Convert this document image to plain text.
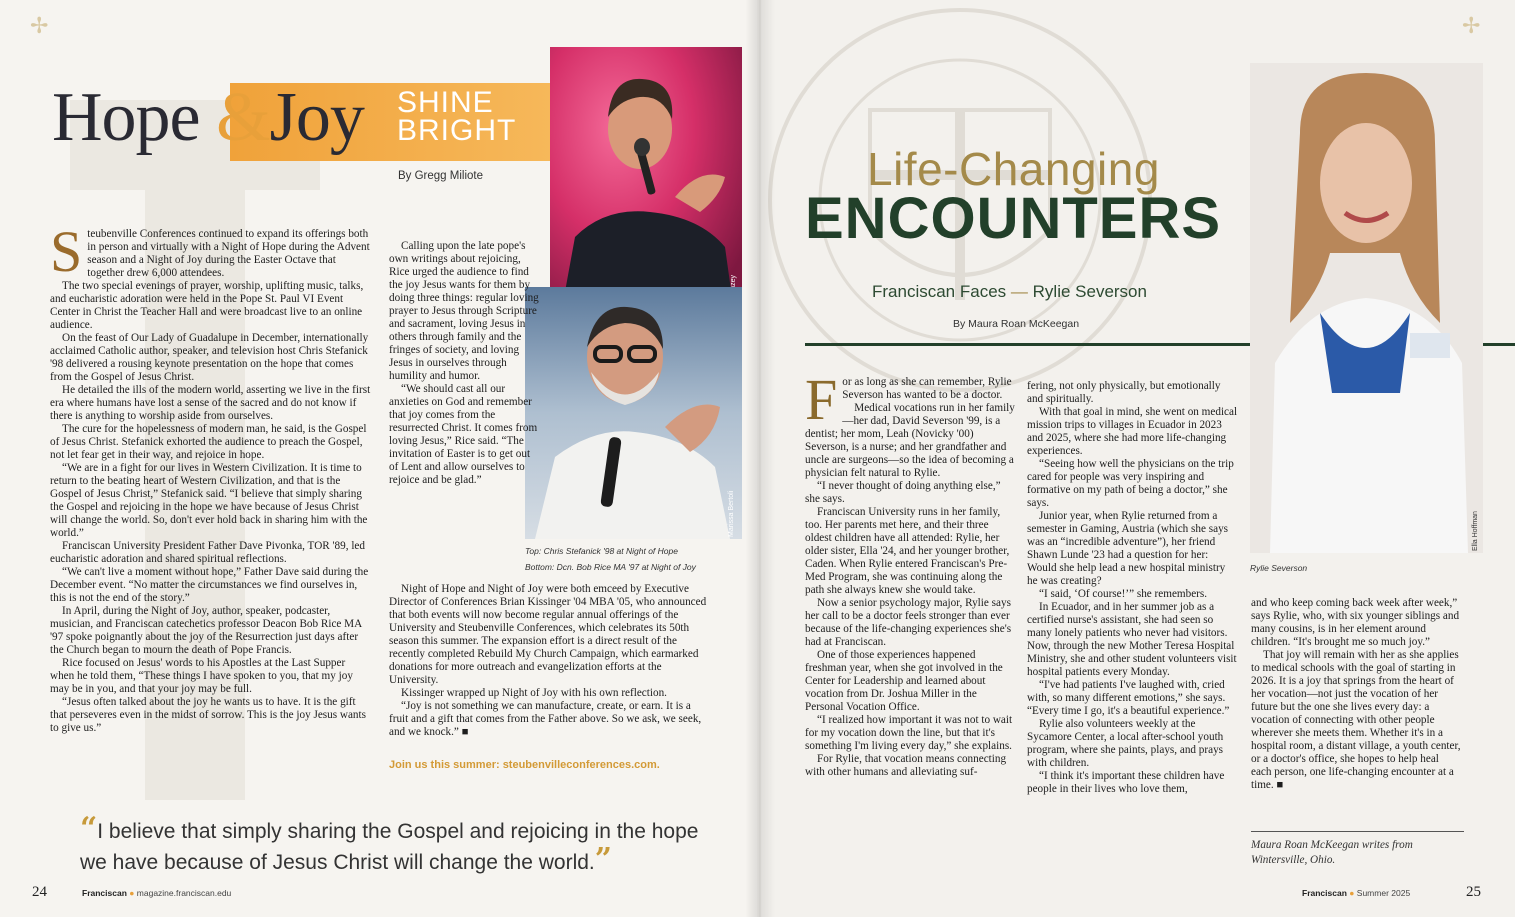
✢
Hope &Joy SHINE
BRIGHT
By Gregg Miliote
Marissa Bertoli
Top: Chris Stefanick '98 at Night of Hope
Bottom: Dcn. Bob Rice MA '97 at Night of Joy

Steubenville Conferences continued to expand its offerings both in person and virtually with a Night of Hope during the Advent season and a Night of Joy during the Easter Octave that together drew 6,000 attendees.

The two special evenings of prayer, worship, uplifting music, talks, and eucharistic adoration were held in the Pope St. Paul VI Event Center in Christ the Teacher Hall and were broadcast live to an online audience.

On the feast of Our Lady of Guadalupe in December, internationally acclaimed Catholic author, speaker, and television host Chris Stefanick '98 delivered a rousing keynote presentation on the hope that comes from the Gospel of Jesus Christ.

He detailed the ills of the modern world, asserting we live in the first era where humans have lost a sense of the sacred and do not know if there is anything to worship aside from ourselves.

The cure for the hopelessness of modern man, he said, is the Gospel of Jesus Christ. Stefanick exhorted the audience to preach the Gospel, not let fear get in their way, and rejoice in hope.

“We are in a fight for our lives in Western Civilization. It is time to return to the beating heart of Western Civilization, and that is the Gospel of Jesus Christ,” Stefanick said. “I believe that simply sharing the Gospel and rejoicing in the hope we have because of Jesus Christ will change the world. So, don't ever hold back in sharing him with the world.”

Franciscan University President Father Dave Pivonka, TOR '89, led eucharistic adoration and shared spiritual reflections.

“We can't live a moment without hope,” Father Dave said during the December event. “No matter the circumstances we find ourselves in, this is not the end of the story.”

In April, during the Night of Joy, author, speaker, podcaster, musician, and Franciscan catechetics professor Deacon Bob Rice MA '97 spoke poignantly about the joy of the Resurrection just days after the Church began to mourn the death of Pope Francis.

Rice focused on Jesus' words to his Apostles at the Last Supper when he told them, “These things I have spoken to you, that my joy may be in you, and that your joy may be full.

“Jesus often talked about the joy he wants us to have. It is the gift that perseveres even in the midst of sorrow. This is the joy Jesus wants to give us.”

Calling upon the late pope's own writings about rejoicing, Rice urged the audience to find the joy Jesus wants for them by doing three things: regular loving prayer to Jesus through Scripture and sacrament, loving Jesus in others through family and the fringes of society, and loving Jesus in ourselves through humility and humor.

“We should cast all our anxieties on God and remember that joy comes from the resurrected Christ. It comes from loving Jesus,” Rice said. “The invitation of Easter is to get out of Lent and allow ourselves to rejoice and be glad.”

Night of Hope and Night of Joy were both emceed by Executive Director of Conferences Brian Kissinger '04 MBA '05, who announced that both events will now become regular annual offerings of the University and Steubenville Conferences, which celebrates its 50th season this summer. The expansion effort is a direct result of the recently completed Rebuild My Church Campaign, which earmarked donations for more outreach and evangelization efforts at the University.

Kissinger wrapped up Night of Joy with his own reflection.

“Joy is not something we can manufacture, create, or earn. It is a fruit and a gift that comes from the Father above. So we ask, we seek, and we knock.” ■

Join us this summer: steubenvilleconferences.com.
“I believe that simply sharing the Gospel and rejoicing in the hope we have because of Jesus Christ will change the world.”
24	Franciscan ● magazine.franciscan.edu
✢
Life-Changing
ENCOUNTERS
Franciscan Faces — Rylie Severson
By Maura Roan McKeegan
Ella Hoffman
Rylie Severson

For as long as she can remember, Rylie Severson has wanted to be a doctor.

Medical vocations run in her family—her dad, David Severson '99, is a dentist; her mom, Leah (Novicky '00) Severson, is a nurse; and her grandfather and uncle are surgeons—so the idea of becoming a physician felt natural to Rylie.

“I never thought of doing anything else,” she says.

Franciscan University runs in her family, too. Her parents met here, and their three oldest children have all attended: Rylie, her older sister, Ella '24, and her younger brother, Caden. When Rylie entered Franciscan's Pre-Med Program, she was continuing along the path she always knew she would take.

Now a senior psychology major, Rylie says her call to be a doctor feels stronger than ever because of the life-changing experiences she's had at Franciscan.

One of those experiences happened freshman year, when she got involved in the Center for Leadership and learned about vocation from Dr. Joshua Miller in the Personal Vocation Office.

“I realized how important it was not to wait for my vocation down the line, but that it's something I'm living every day,” she explains.

For Rylie, that vocation means connecting with other humans and alleviating suf-

fering, not only physically, but emotionally and spiritually.

With that goal in mind, she went on medical mission trips to villages in Ecuador in 2023 and 2025, where she had more life-changing experiences.

“Seeing how well the physicians on the trip cared for people was very inspiring and formative on my path of being a doctor,” she says.

Junior year, when Rylie returned from a semester in Gaming, Austria (which she says was an “incredible adventure”), her friend Shawn Lunde '23 had a question for her: Would she help lead a new hospital ministry he was creating?

“I said, ‘Of course!’” she remembers.

In Ecuador, and in her summer job as a certified nurse's assistant, she had seen so many lonely patients who never had visitors. Now, through the new Mother Teresa Hospital Ministry, she and other student volunteers visit hospital patients every Monday.

“I've had patients I've laughed with, cried with, so many different emotions,” she says. “Every time I go, it's a beautiful experience.”

Rylie also volunteers weekly at the Sycamore Center, a local after-school youth program, where she paints, plays, and prays with children.

“I think it's important these children have people in their lives who love them,

and who keep coming back week after week,” says Rylie, who, with six younger siblings and many cousins, is in her element around children. “It's brought me so much joy.”

That joy will remain with her as she applies to medical schools with the goal of starting in 2026. It is a joy that springs from the heart of her vocation—not just the vocation of her future but the one she lives every day: a vocation of connecting with other people wherever she meets them. Whether it's in a hospital room, a distant village, a youth center, or a doctor's office, she hopes to help heal each person, one life-changing encounter at a time. ■

Maura Roan McKeegan writes from Wintersville, Ohio.
Franciscan ● Summer 2025	25
